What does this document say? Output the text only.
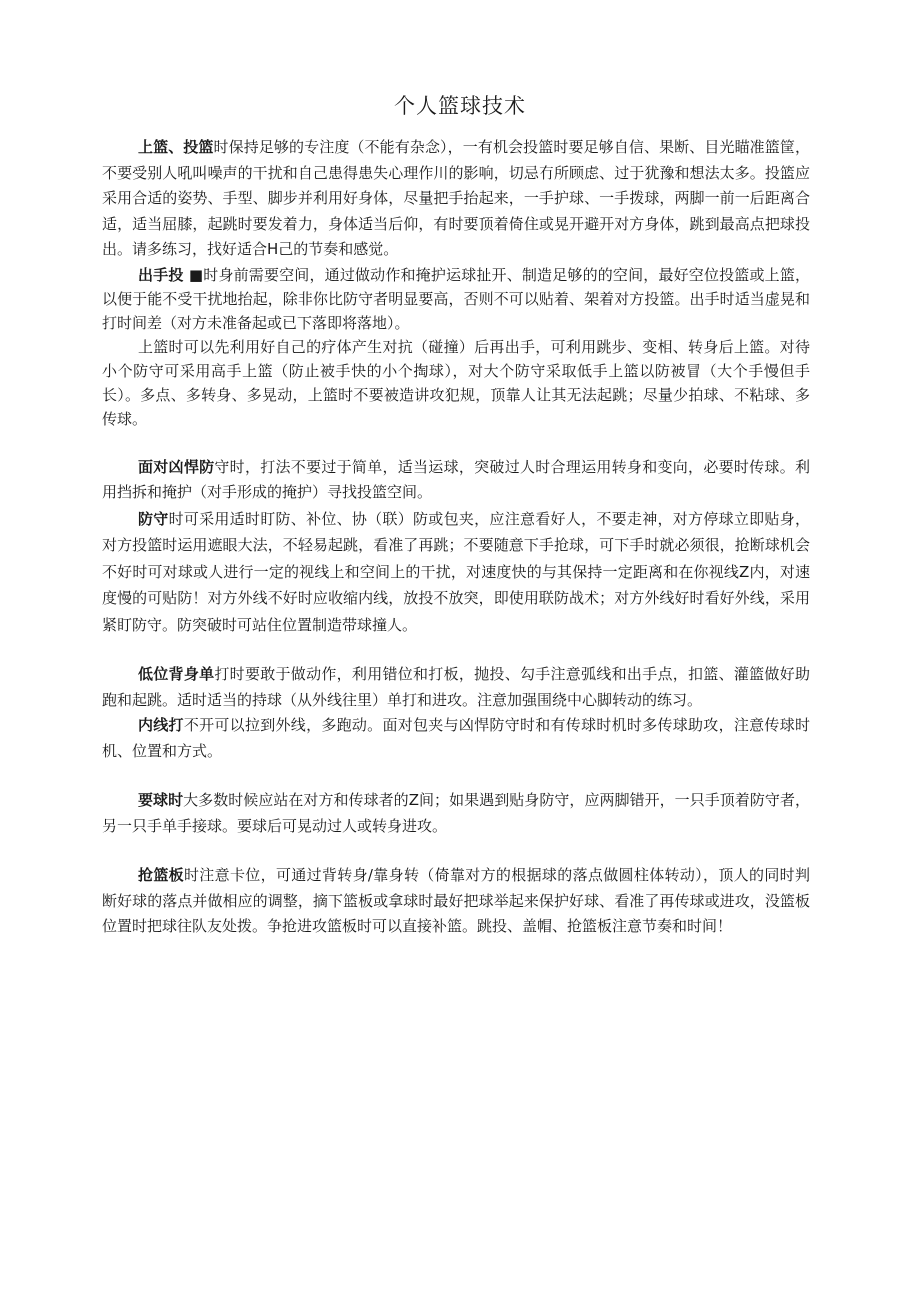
个人篮球技术

上篮、投篮时保持足够的专注度（不能有杂念），一有机会投篮时要足够自信、果断、目光瞄准篮筐，不要受别人吼叫噪声的干扰和自己患得患失心理作川的影响，切忌冇所顾虑、过于犹豫和想法太多。投篮应采用合适的姿势、手型、脚步并利用好身体，尽量把手抬起来，一手护球、一手拨球，两脚一前一后距离合适，适当屈膝，起跳时要发着力，身体适当后仰，有时要顶着倚住或晃开避开对方身体，跳到最高点把球投出。请多练习，找好适合H己的节奏和感觉。

出手投 ■时身前需要空间，通过做动作和掩护运球扯开、制造足够的的空间，最好空位投篮或上篮，以便于能不受干扰地抬起，除非你比防守者明显要高，否则不可以贴着、架着对方投篮。出手时适当虚晃和打时间差（对方未准备起或已下落即将落地）。

上篮时可以先利用好自己的疗体产生对抗（碰撞）后再出手，可利用跳步、变相、转身后上篮。对待小个防守可采用高手上篮（防止被手快的小个掏球），对大个防守采取低手上篮以防被冒（大个手慢但手长）。多点、多转身、多晃动，上篮时不要被造讲攻犯规，顶靠人让其无法起跳；尽量少拍球、不粘球、多传球。

面对凶悍防守时，打法不要过于简单，适当运球，突破过人时合理运用转身和变向，必要时传球。利用挡拆和掩护（对手形成的掩护）寻找投篮空间。

防守时可采用适时盯防、补位、协（联）防或包夹，应注意看好人，不要走神，对方停球立即贴身，对方投篮时运用遮眼大法，不轻易起跳，看准了再跳；不要随意下手抢球，可下手时就必须很，抢断球机会不好时可对球或人进行一定的视线上和空间上的干扰，对速度快的与其保持一定距离和在你视线Z内，对速度慢的可贴防！对方外线不好时应收缩内线，放投不放突，即使用联防战术；对方外线好时看好外线，采用紧盯防守。防突破时可站住位置制造带球撞人。

低位背身单打时要敢于做动作，利用错位和打板，抛投、勾手注意弧线和出手点，扣篮、灌篮做好助跑和起跳。适时适当的持球（从外线往里）单打和进攻。注意加强围绕中心脚转动的练习。

内线打不开可以拉到外线，多跑动。面对包夹与凶悍防守时和有传球时机时多传球助攻，注意传球时机、位置和方式。

要球时大多数时候应站在对方和传球者的Z间；如果遇到贴身防守，应两脚错开，一只手顶着防守者，另一只手单手接球。要球后可晃动过人或转身进攻。

抢篮板时注意卡位，可通过背转身/靠身转（倚靠对方的根据球的落点做圆柱体转动），顶人的同时判断好球的落点并做相应的调整，摘下篮板或拿球时最好把球举起来保护好球、看准了再传球或进攻，没篮板位置时把球往队友处拨。争抢进攻篮板时可以直接补篮。跳投、盖帽、抢篮板注意节奏和时间！
